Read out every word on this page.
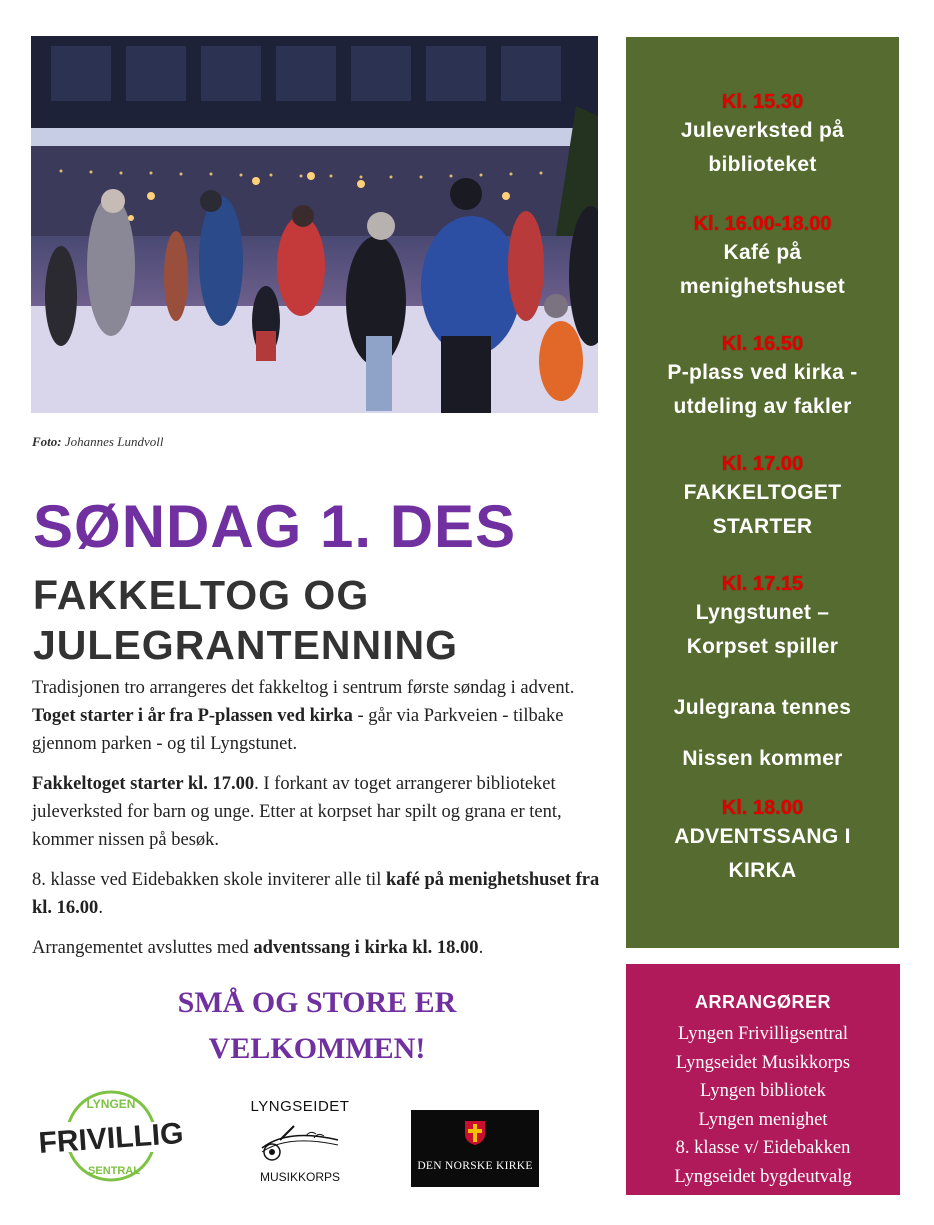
Foto: Johannes Lundvoll
SØNDAG 1. DES
FAKKELTOG OG
JULEGRANTENNING

Tradisjonen tro arrangeres det fakkeltog i sentrum første søndag i advent. Toget starter i år fra P-plassen ved kirka - går via Parkveien - tilbake gjennom parken - og til Lyngstunet.

Fakkeltoget starter kl. 17.00. I forkant av toget arrangerer biblioteket juleverksted for barn og unge. Etter at korpset har spilt og grana er tent, kommer nissen på besøk.

8. klasse ved Eidebakken skole inviterer alle til kafé på menighetshuset fra kl. 16.00.

Arrangementet avsluttes med adventssang i kirka kl. 18.00.

SMÅ OG STORE ER
VELKOMMEN!
LYNGEN
FRIVILLIG
SENTRAL
LYNGSEIDET
MUSIKKORPS
DEN NORSKE KIRKE
Kl. 15.30
Juleverksted på
biblioteket
Kl. 16.00-18.00
Kafé på
menighetshuset
Kl. 16.50
P-plass ved kirka -
utdeling av fakler
Kl. 17.00
FAKKELTOGET
STARTER
Kl. 17.15
Lyngstunet –
Korpset spiller
Julegrana tennes
Nissen kommer
Kl. 18.00
ADVENTSSANG I
KIRKA
ARRANGØRER
Lyngen Frivilligsentral
Lyngseidet Musikkorps
Lyngen bibliotek
Lyngen menighet
8. klasse v/ Eidebakken
Lyngseidet bygdeutvalg
